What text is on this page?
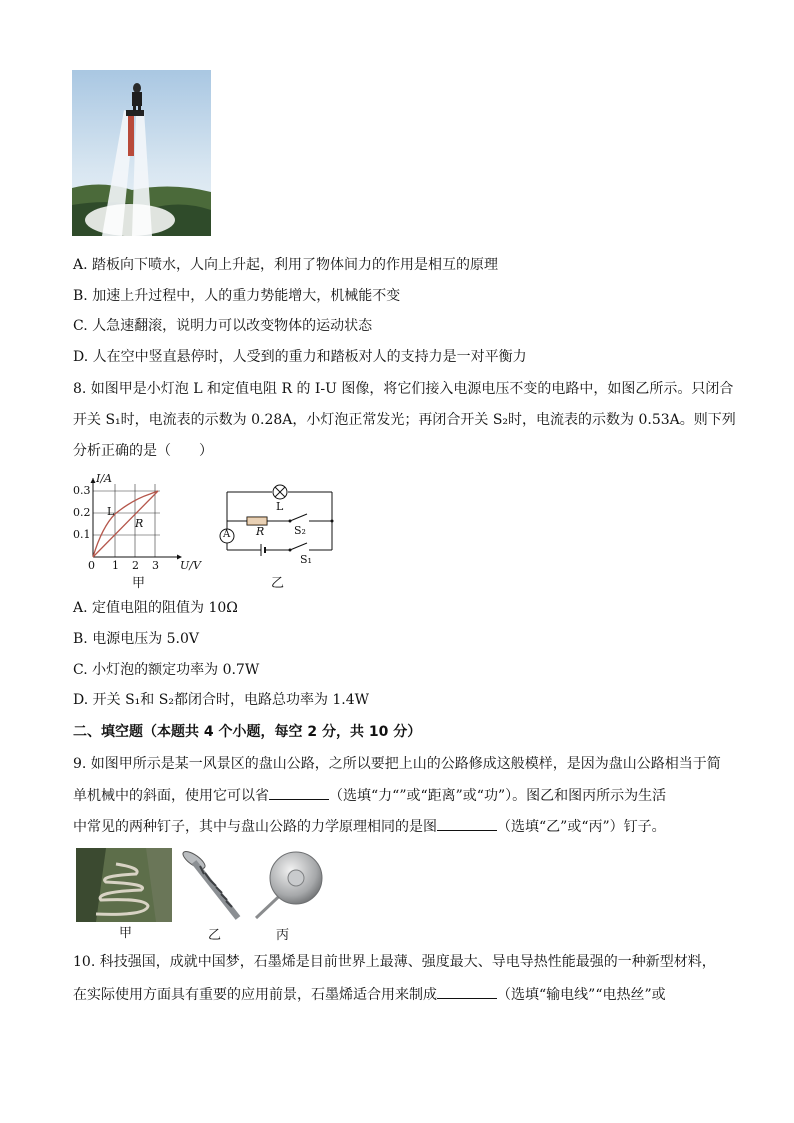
A. 踏板向下喷水，人向上升起，利用了物体间力的作用是相互的原理
B. 加速上升过程中，人的重力势能增大，机械能不变
C. 人急速翻滚，说明力可以改变物体的运动状态
D. 人在空中竖直悬停时，人受到的重力和踏板对人的支持力是一对平衡力
8. 如图甲是小灯泡 L 和定值电阻 R 的 I-U 图像，将它们接入电源电压不变的电路中，如图乙所示。只闭合
开关 S₁时，电流表的示数为 0.28A，小灯泡正常发光；再闭合开关 S₂时，电流表的示数为 0.53A。则下列
分析正确的是（　　）
I/A
0.3
0.2
0.1
0 1 2 3 U/V
L
R
甲
L
R
A	S₂
S₁
乙
A. 定值电阻的阻值为 10Ω
B. 电源电压为 5.0V
C. 小灯泡的额定功率为 0.7W
D. 开关 S₁和 S₂都闭合时，电路总功率为 1.4W
二、填空题（本题共 4 个小题，每空 2 分，共 10 分）
9. 如图甲所示是某一风景区的盘山公路，之所以要把上山的公路修成这般模样，是因为盘山公路相当于简
单机械中的斜面，使用它可以省	（选填“力“”或“距离”或“功”）。图乙和图丙所示为生活
中常见的两种钉子，其中与盘山公路的力学原理相同的是图	（选填“乙”或“丙”）钉子。
甲	乙	丙
10. 科技强国，成就中国梦，石墨烯是目前世界上最薄、强度最大、导电导热性能最强的一种新型材料，
在实际使用方面具有重要的应用前景，石墨烯适合用来制成	（选填“输电线”“电热丝”或
